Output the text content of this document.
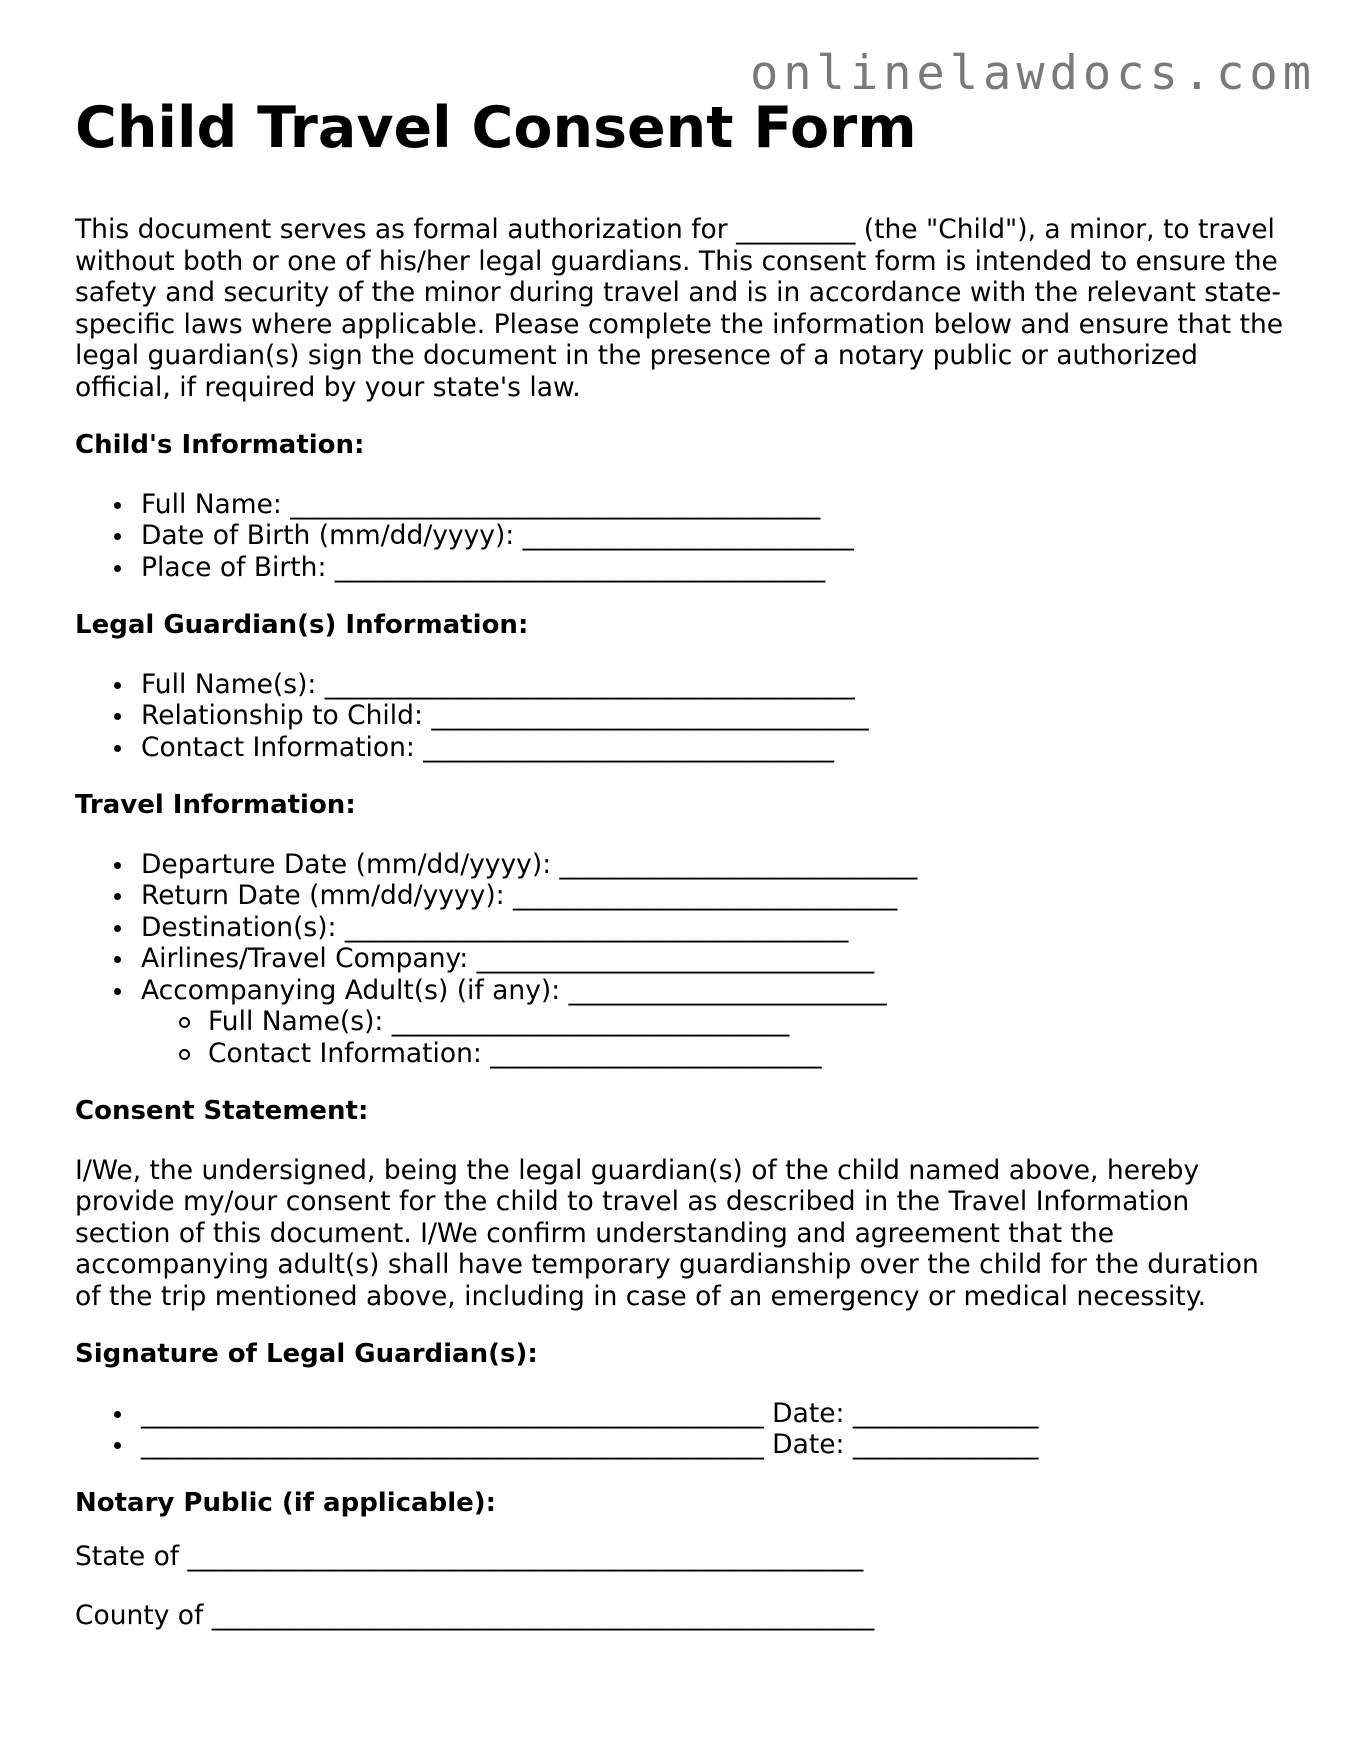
onlinelawdocs.com
Child Travel Consent Form

This document serves as formal authorization for _________ (the "Child"), a minor, to travel without both or one of his/her legal guardians. This consent form is intended to ensure the safety and security of the minor during travel and is in accordance with the relevant state-specific laws where applicable. Please complete the information below and ensure that the legal guardian(s) sign the document in the presence of a notary public or authorized official, if required by your state's law.

Child's Information:
Full Name: ________________________________________
Date of Birth (mm/dd/yyyy): _________________________
Place of Birth: _____________________________________
Legal Guardian(s) Information:
Full Name(s): ________________________________________
Relationship to Child: _________________________________
Contact Information: _______________________________
Travel Information:
Departure Date (mm/dd/yyyy): ___________________________
Return Date (mm/dd/yyyy): _____________________________
Destination(s): ______________________________________
Airlines/Travel Company: ______________________________
Accompanying Adult(s) (if any): ________________________
Full Name(s): ______________________________
Contact Information: _________________________
Consent Statement:

I/We, the undersigned, being the legal guardian(s) of the child named above, hereby provide my/our consent for the child to travel as described in the Travel Information section of this document. I/We confirm understanding and agreement that the accompanying adult(s) shall have temporary guardianship over the child for the duration of the trip mentioned above, including in case of an emergency or medical necessity.

Signature of Legal Guardian(s):
_______________________________________________ Date: ______________
_______________________________________________ Date: ______________
Notary Public (if applicable):

State of ___________________________________________________

County of __________________________________________________
